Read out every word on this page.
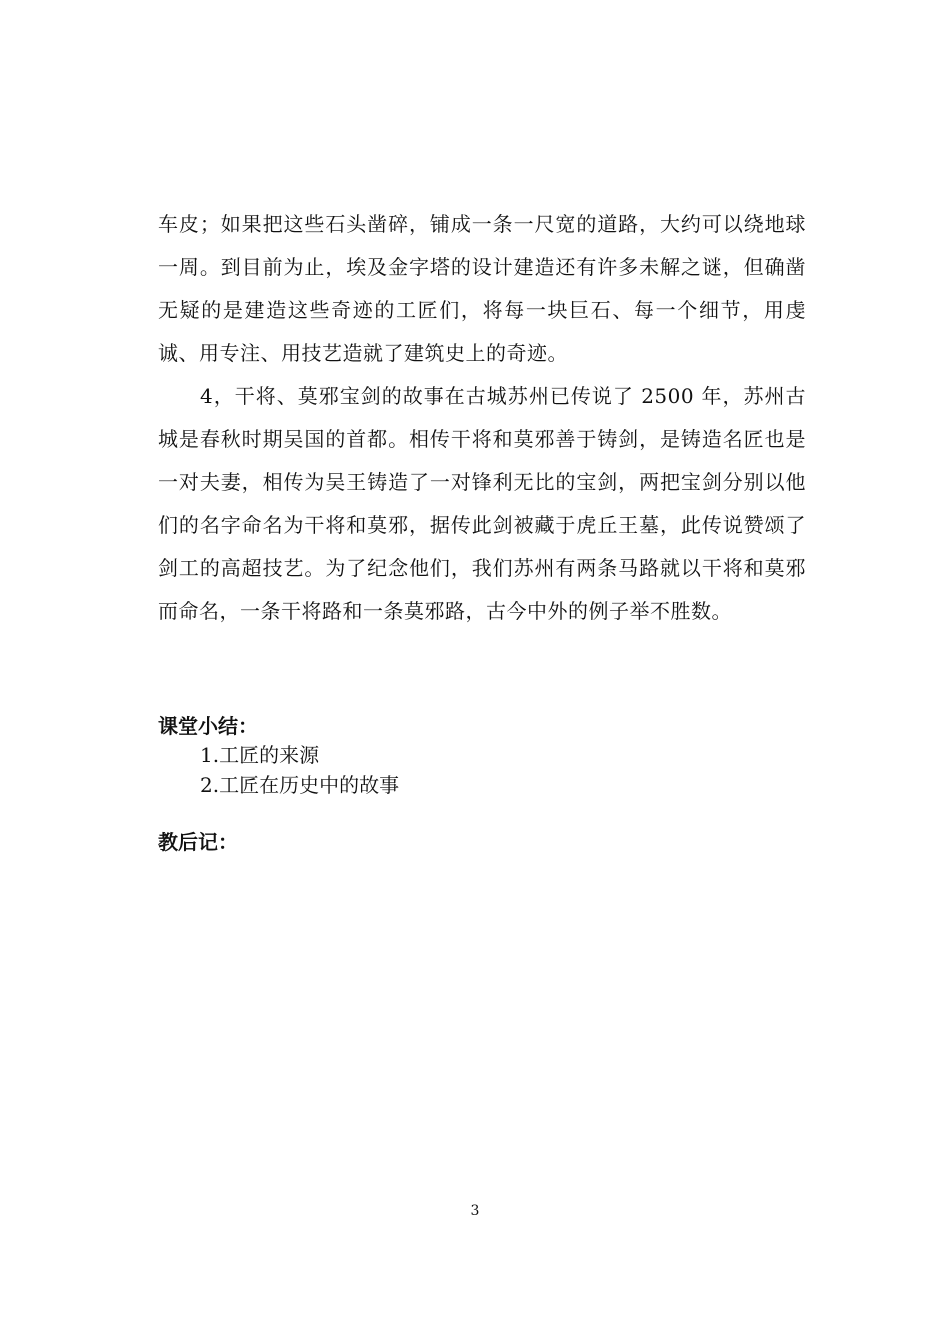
车皮；如果把这些石头凿碎，铺成一条一尺宽的道路，大约可以绕地球一周。到目前为止，埃及金字塔的设计建造还有许多未解之谜，但确凿无疑的是建造这些奇迹的工匠们，将每一块巨石、每一个细节，用虔诚、用专注、用技艺造就了建筑史上的奇迹。

4，干将、莫邪宝剑的故事在古城苏州已传说了 2500 年，苏州古城是春秋时期吴国的首都。相传干将和莫邪善于铸剑，是铸造名匠也是一对夫妻，相传为吴王铸造了一对锋利无比的宝剑，两把宝剑分别以他们的名字命名为干将和莫邪，据传此剑被藏于虎丘王墓，此传说赞颂了剑工的高超技艺。为了纪念他们，我们苏州有两条马路就以干将和莫邪而命名，一条干将路和一条莫邪路，古今中外的例子举不胜数。

课堂小结：
1.工匠的来源
2.工匠在历史中的故事
教后记：
3
